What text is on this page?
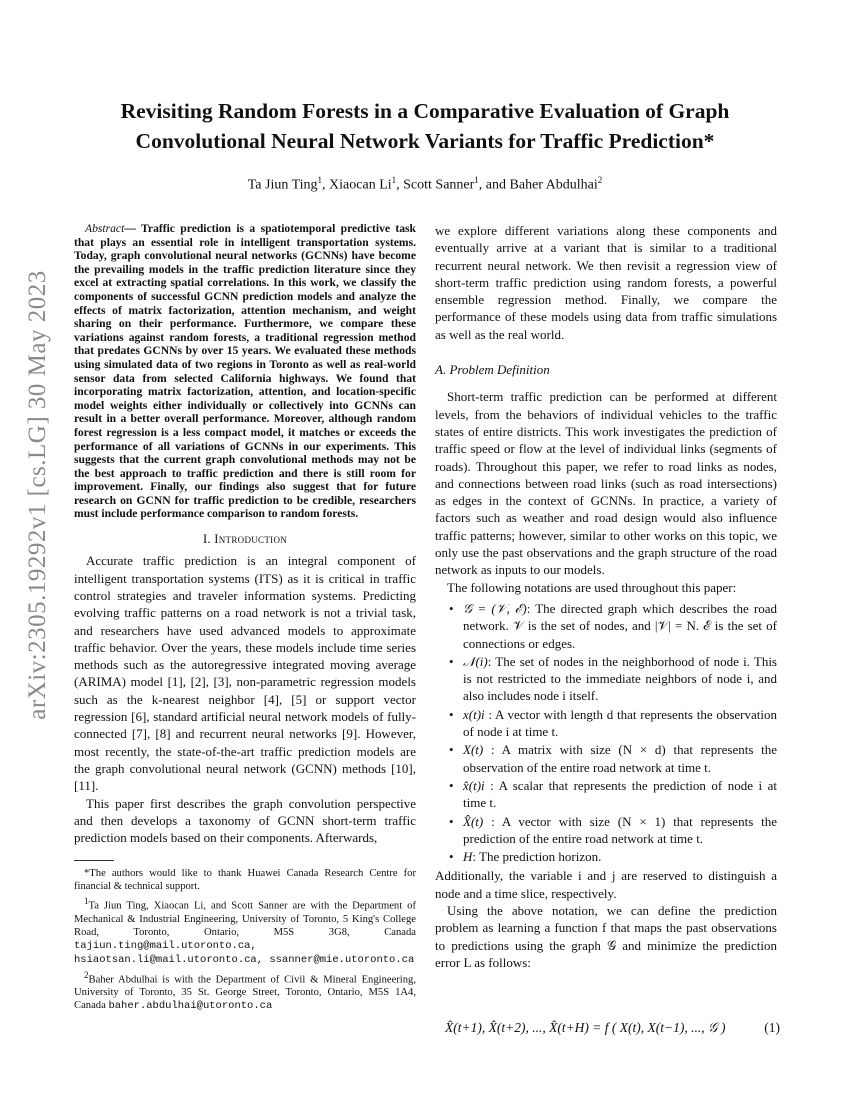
arXiv:2305.19292v1 [cs.LG] 30 May 2023
Revisiting Random Forests in a Comparative Evaluation of Graph
Convolutional Neural Network Variants for Traffic Prediction*
Ta Jiun Ting$^1$, Xiaocan Li$^1$, Scott Sanner$^1$, and Baher Abdulhai$^2$

Abstract— Traffic prediction is a spatiotemporal predictive task that plays an essential role in intelligent transportation systems. Today, graph convolutional neural networks (GCNNs) have become the prevailing models in the traffic prediction literature since they excel at extracting spatial correlations. In this work, we classify the components of successful GCNN prediction models and analyze the effects of matrix factorization, attention mechanism, and weight sharing on their performance. Furthermore, we compare these variations against random forests, a traditional regression method that predates GCNNs by over 15 years. We evaluated these methods using simulated data of two regions in Toronto as well as real-world sensor data from selected California highways. We found that incorporating matrix factorization, attention, and location-specific model weights either individually or collectively into GCNNs can result in a better overall performance. Moreover, although random forest regression is a less compact model, it matches or exceeds the performance of all variations of GCNNs in our experiments. This suggests that the current graph convolutional methods may not be the best approach to traffic prediction and there is still room for improvement. Finally, our findings also suggest that for future research on GCNN for traffic prediction to be credible, researchers must include performance comparison to random forests.

I. Introduction

Accurate traffic prediction is an integral component of intelligent transportation systems (ITS) as it is critical in traffic control strategies and traveler information systems. Predicting evolving traffic patterns on a road network is not a trivial task, and researchers have used advanced models to approximate traffic behavior. Over the years, these models include time series methods such as the autoregressive integrated moving average (ARIMA) model [1], [2], [3], non-parametric regression models such as the k-nearest neighbor [4], [5] or support vector regression [6], standard artificial neural network models of fully-connected [7], [8] and recurrent neural networks [9]. However, most recently, the state-of-the-art traffic prediction models are the graph convolutional neural network (GCNN) methods [10], [11].

This paper first describes the graph convolution perspective and then develops a taxonomy of GCNN short-term traffic prediction models based on their components. Afterwards,

*The authors would like to thank Huawei Canada Research Centre for financial & technical support.

$^1$Ta Jiun Ting, Xiaocan Li, and Scott Sanner are with the Department of Mechanical & Industrial Engineering, University of Toronto, 5 King's College Road, Toronto, Ontario, M5S 3G8, Canada tajiun.ting@mail.utoronto.ca, hsiaotsan.li@mail.utoronto.ca, ssanner@mie.utoronto.ca

$^2$Baher Abdulhai is with the Department of Civil & Mineral Engineering, University of Toronto, 35 St. George Street, Toronto, Ontario, M5S 1A4, Canada baher.abdulhai@utoronto.ca

we explore different variations along these components and eventually arrive at a variant that is similar to a traditional recurrent neural network. We then revisit a regression view of short-term traffic prediction using random forests, a powerful ensemble regression method. Finally, we compare the performance of these models using data from traffic simulations as well as the real world.

A. Problem Definition

Short-term traffic prediction can be performed at different levels, from the behaviors of individual vehicles to the traffic states of entire districts. This work investigates the prediction of traffic speed or flow at the level of individual links (segments of roads). Throughout this paper, we refer to road links as nodes, and connections between road links (such as road intersections) as edges in the context of GCNNs. In practice, a variety of factors such as weather and road design would also influence traffic patterns; however, similar to other works on this topic, we only use the past observations and the graph structure of the road network as inputs to our models.

The following notations are used throughout this paper:

• 𝒢 = (𝒱, ℰ): The directed graph which describes the road network. 𝒱 is the set of nodes, and |𝒱| = N. ℰ is the set of connections or edges.
• 𝒩(i): The set of nodes in the neighborhood of node i. This is not restricted to the immediate neighbors of node i, and also includes node i itself.
• x(t)i : A vector with length d that represents the observation of node i at time t.
• X(t) : A matrix with size (N × d) that represents the observation of the entire road network at time t.
• x̂(t)i : A scalar that represents the prediction of node i at time t.
• X̂(t) : A vector with size (N × 1) that represents the prediction of the entire road network at time t.
• H: The prediction horizon.

Additionally, the variable i and j are reserved to distinguish a node and a time slice, respectively.

Using the above notation, we can define the prediction problem as learning a function f that maps the past observations to predictions using the graph 𝒢 and minimize the prediction error L as follows:

X̂(t+1), X̂(t+2), ..., X̂(t+H) = f ( X(t), X(t−1), ..., 𝒢 )	(1)
